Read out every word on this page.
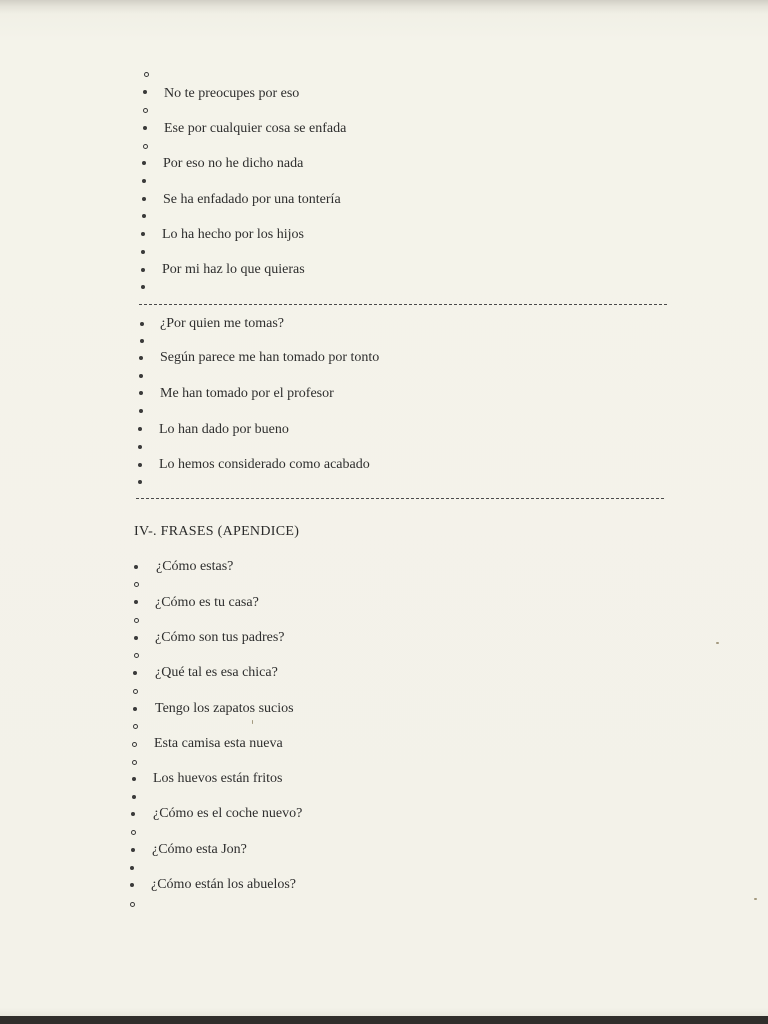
No te preocupes por eso
Ese por cualquier cosa se enfada
Por eso no he dicho nada
Se ha enfadado por una tontería
Lo ha hecho por los hijos
Por mi haz lo que quieras
¿Por quien me tomas?
Según parece me han tomado por tonto
Me han tomado por el profesor
Lo han dado por bueno
Lo hemos considerado como acabado
IV-. FRASES (APENDICE)
¿Cómo estas?
¿Cómo es tu casa?
¿Cómo son tus padres?
¿Qué tal es esa chica?
Tengo los zapatos sucios
Esta camisa esta nueva
Los huevos están fritos
¿Cómo es el coche nuevo?
¿Cómo esta Jon?
¿Cómo están los abuelos?
